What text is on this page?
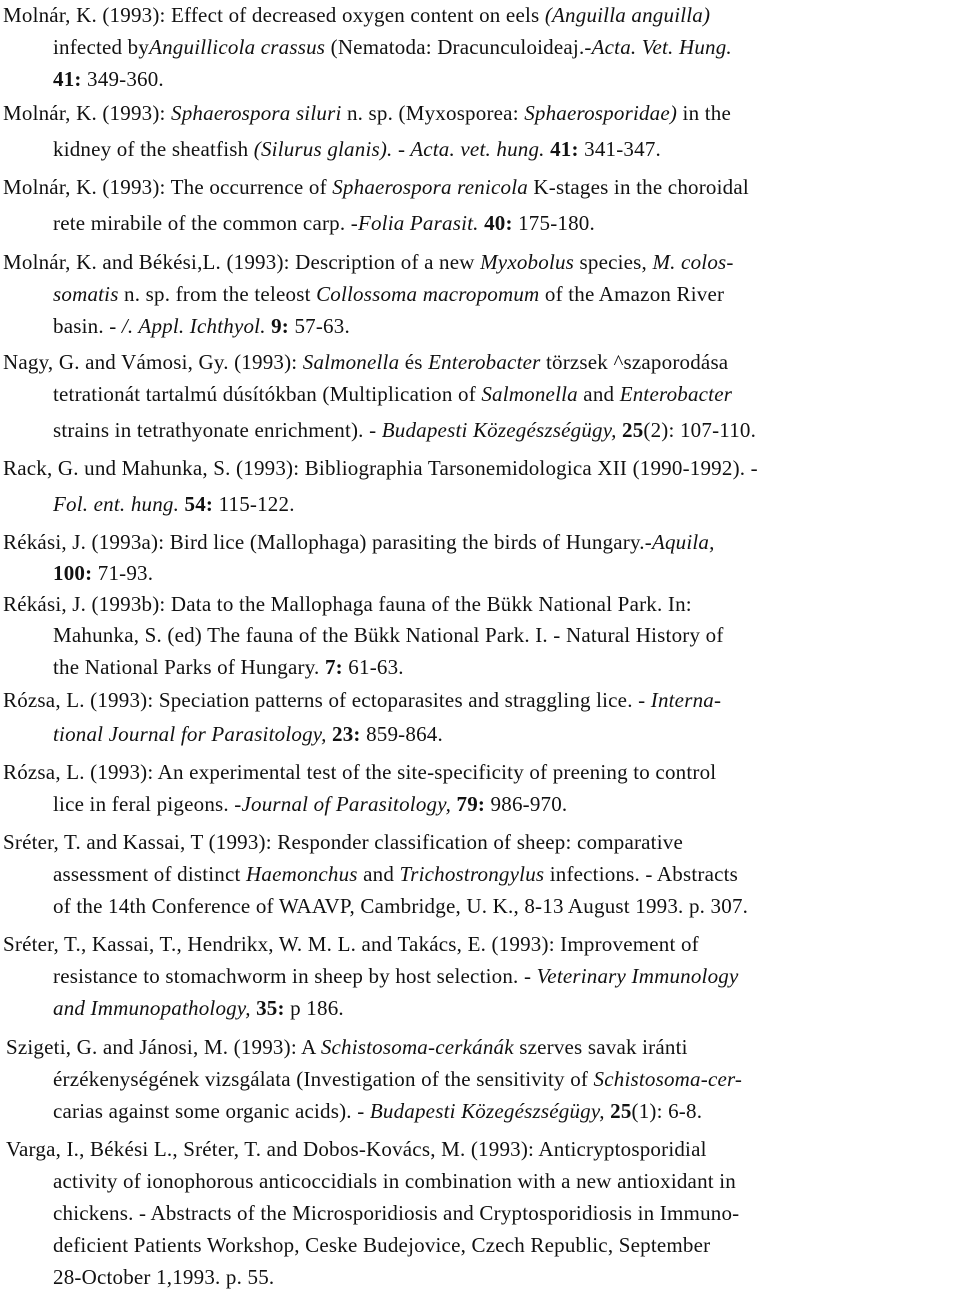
Molnár, K. (1993): Effect of decreased oxygen content on eels (Anguilla anguilla)
infected byAnguillicola crassus (Nematoda: Dracunculoideaj.-Acta. Vet. Hung.
41: 349-360.
Molnár, K. (1993): Sphaerospora siluri n. sp. (Myxosporea: Sphaerosporidae) in the
kidney of the sheatfish (Silurus glanis). - Acta. vet. hung. 41: 341-347.
Molnár, K. (1993): The occurrence of Sphaerospora renicola K-stages in the choroidal
rete mirabile of the common carp. -Folia Parasit. 40: 175-180.
Molnár, K. and Békési,L. (1993): Description of a new Myxobolus species, M. colos-
somatis n. sp. from the teleost Collossoma macropomum of the Amazon River
basin. - /. Appl. Ichthyol. 9: 57-63.
Nagy, G. and Vámosi, Gy. (1993): Salmonella és Enterobacter törzsek ^szaporodása
tetrationát tartalmú dúsítókban (Multiplication of Salmonella and Enterobacter
strains in tetrathyonate enrichment). - Budapesti Közegészségügy, 25(2): 107-110.
Rack, G. und Mahunka, S. (1993): Bibliographia Tarsonemidologica XII (1990-1992). -
Fol. ent. hung. 54: 115-122.
Rékási, J. (1993a): Bird lice (Mallophaga) parasiting the birds of Hungary.-Aquila,
100: 71-93.
Rékási, J. (1993b): Data to the Mallophaga fauna of the Bükk National Park. In:
Mahunka, S. (ed) The fauna of the Bükk National Park. I. - Natural History of
the National Parks of Hungary. 7: 61-63.
Rózsa, L. (1993): Speciation patterns of ectoparasites and straggling lice. - Interna-
tional Journal for Parasitology, 23: 859-864.
Rózsa, L. (1993): An experimental test of the site-specificity of preening to control
lice in feral pigeons. -Journal of Parasitology, 79: 986-970.
Sréter, T. and Kassai, T (1993): Responder classification of sheep: comparative
assessment of distinct Haemonchus and Trichostrongylus infections. - Abstracts
of the 14th Conference of WAAVP, Cambridge, U. K., 8-13 August 1993. p. 307.
Sréter, T., Kassai, T., Hendrikx, W. M. L. and Takács, E. (1993): Improvement of
resistance to stomachworm in sheep by host selection. - Veterinary Immunology
and Immunopathology, 35: p 186.
Szigeti, G. and Jánosi, M. (1993): A Schistosoma-cerkánák szerves savak iránti
érzékenységének vizsgálata (Investigation of the sensitivity of Schistosoma-cer-
carias against some organic acids). - Budapesti Közegészségügy, 25(1): 6-8.
Varga, I., Békési L., Sréter, T. and Dobos-Kovács, M. (1993): Anticryptosporidial
activity of ionophorous anticoccidials in combination with a new antioxidant in
chickens. - Abstracts of the Microsporidiosis and Cryptosporidiosis in Immuno-
deficient Patients Workshop, Ceske Budejovice, Czech Republic, September
28-October 1,1993. p. 55.
